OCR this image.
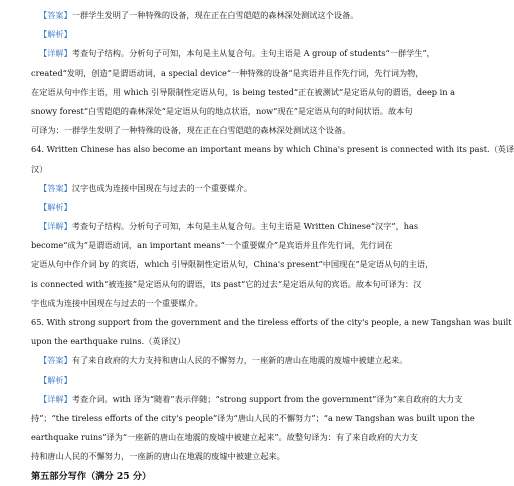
【答案】一群学生发明了一种特殊的设备，现在正在白雪皑皑的森林深处测试这个设备。
【解析】
【详解】考查句子结构。分析句子可知，本句是主从复合句。主句主语是 A group of students“一群学生”，
created“发明，创造”是谓语动词，a special device“一种特殊的设备”是宾语并且作先行词，先行词为物，
在定语从句中作主语，用 which 引导限制性定语从句，is being tested“正在被测试”是定语从句的谓语，deep in a
snowy forest“白雪皑皑的森林深处”是定语从句的地点状语，now“现在”是定语从句的时间状语。故本句
可译为：一群学生发明了一种特殊的设备，现在正在白雪皑皑的森林深处测试这个设备。
64. Written Chinese has also become an important means by which China's present is connected with its past.（英译
汉）
【答案】汉字也成为连接中国现在与过去的一个重要媒介。
【解析】
【详解】考查句子结构。分析句子可知，本句是主从复合句。主句主语是 Written Chinese“汉字”，has
become“成为”是谓语动词，an important means“一个重要媒介”是宾语并且作先行词，先行词在
定语从句中作介词 by 的宾语，which 引导限制性定语从句，China's present“中国现在”是定语从句的主语，
is connected with“被连接”是定语从句的谓语，its past“它的过去”是定语从句的宾语。故本句可译为：汉
字也成为连接中国现在与过去的一个重要媒介。
65. With strong support from the government and the tireless efforts of the city's people, a new Tangshan was built
upon the earthquake ruins.（英译汉）
【答案】有了来自政府的大力支持和唐山人民的不懈努力，一座新的唐山在地震的废墟中被建立起来。
【解析】
【详解】考查介词。with 译为“随着”表示伴随；“strong support from the government”译为“来自政府的大力支
持”；“the tireless efforts of the city's people”译为“唐山人民的不懈努力”；“a new Tangshan was built upon the
earthquake ruins”译为“一座新的唐山在地震的废墟中被建立起来”。故整句译为：有了来自政府的大力支
持和唐山人民的不懈努力，一座新的唐山在地震的废墟中被建立起来。
第五部分写作（满分 25 分）
